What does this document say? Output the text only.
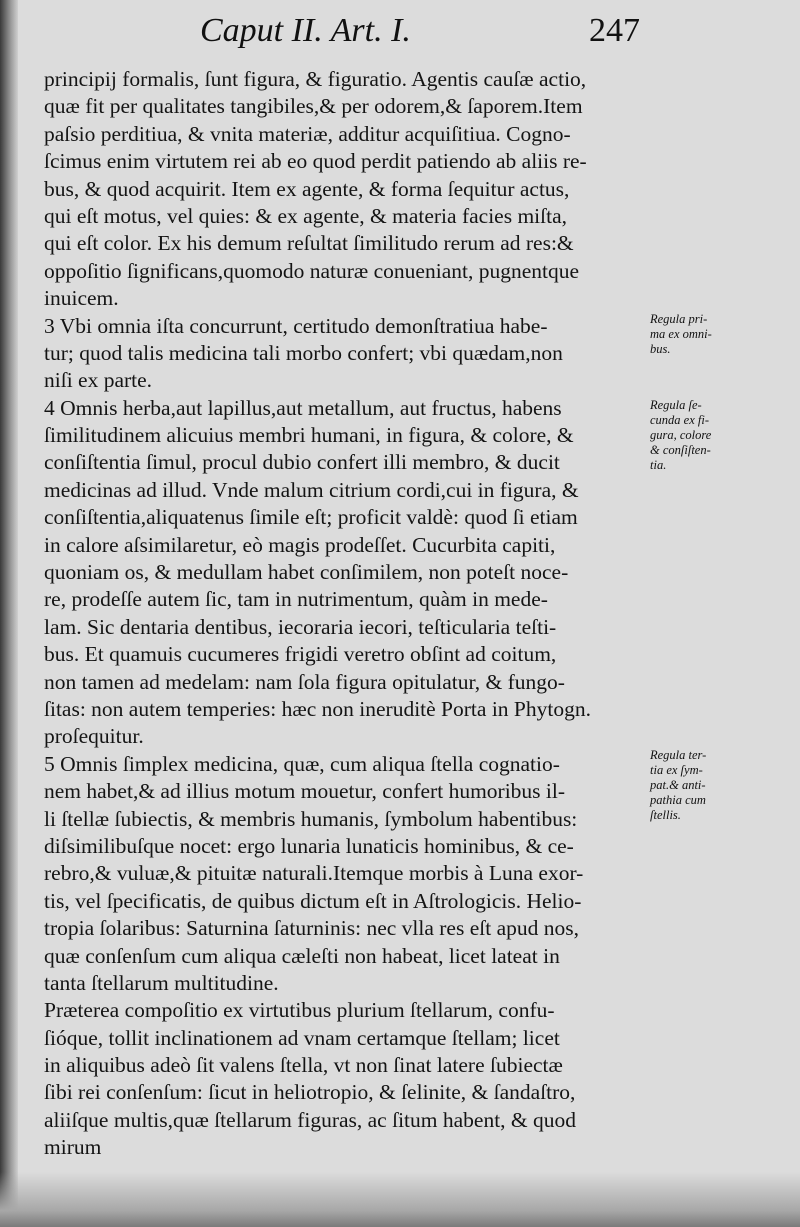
Caput II. Art. I.	247
principij formalis, ſunt figura, & figuratio. Agentis cauſæ actio,
quæ fit per qualitates tangibiles,& per odorem,& ſaporem.Item
paſsio perditiua, & vnita materiæ, additur acquiſitiua. Cogno-
ſcimus enim virtutem rei ab eo quod perdit patiendo ab aliis re-
bus, & quod acquirit. Item ex agente, & forma ſequitur actus,
qui eſt motus, vel quies: & ex agente, & materia facies miſta,
qui eſt color. Ex his demum reſultat ſimilitudo rerum ad res:&
oppoſitio ſignificans,quomodo naturæ conueniant, pugnentque
inuicem.
3 Vbi omnia iſta concurrunt, certitudo demonſtratiua habe-
tur; quod talis medicina tali morbo confert; vbi quædam,non
niſi ex parte.
4 Omnis herba,aut lapillus,aut metallum, aut fructus, habens
ſimilitudinem alicuius membri humani, in figura, & colore, &
conſiſtentia ſimul, procul dubio confert illi membro, & ducit
medicinas ad illud. Vnde malum citrium cordi,cui in figura, &
conſiſtentia,aliquatenus ſimile eſt; proficit valdè: quod ſi etiam
in calore aſsimilaretur, eò magis prodeſſet. Cucurbita capiti,
quoniam os, & medullam habet conſimilem, non poteſt noce-
re, prodeſſe autem ſic, tam in nutrimentum, quàm in mede-
lam. Sic dentaria dentibus, iecoraria iecori, teſticularia teſti-
bus. Et quamuis cucumeres frigidi veretro obſint ad coitum,
non tamen ad medelam: nam ſola figura opitulatur, & fungo-
ſitas: non autem temperies: hæc non ineruditè Porta in Phytogn.
proſequitur.
5 Omnis ſimplex medicina, quæ, cum aliqua ſtella cognatio-
nem habet,& ad illius motum mouetur, confert humoribus il-
li ſtellæ ſubiectis, & membris humanis, ſymbolum habentibus:
diſsimilibuſque nocet: ergo lunaria lunaticis hominibus, & ce-
rebro,& vuluæ,& pituitæ naturali.Itemque morbis à Luna exor-
tis, vel ſpecificatis, de quibus dictum eſt in Aſtrologicis. Helio-
tropia ſolaribus: Saturnina ſaturninis: nec vlla res eſt apud nos,
quæ conſenſum cum aliqua cæleſti non habeat, licet lateat in
tanta ſtellarum multitudine.
Præterea compoſitio ex virtutibus plurium ſtellarum, confu-
ſióque, tollit inclinationem ad vnam certamque ſtellam; licet
in aliquibus adeò ſit valens ſtella, vt non ſinat latere ſubiectæ
ſibi rei conſenſum: ſicut in heliotropio, & ſelinite, & ſandaſtro,
aliiſque multis,quæ ſtellarum figuras, ac ſitum habent, & quod
mirum
Regula pri-
ma ex omni-
bus.
Regula ſe-
cunda ex fi-
gura, colore
& conſiſten-
tia.
Regula ter-
tia ex ſym-
pat.& anti-
pathia cum
ſtellis.
